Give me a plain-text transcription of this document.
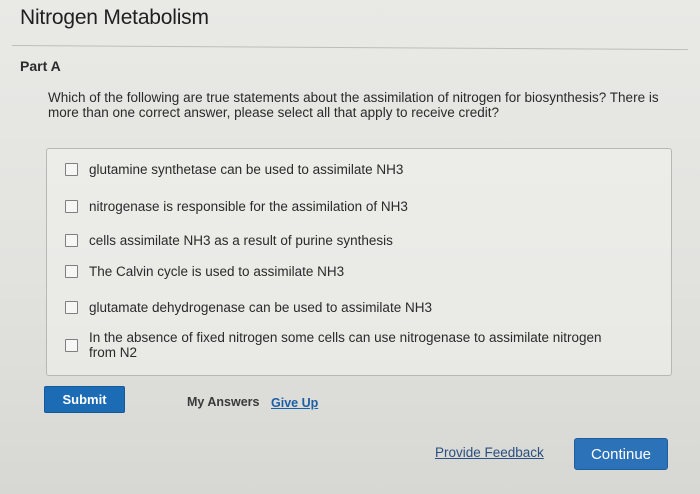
Nitrogen Metabolism
Part A
Which of the following are true statements about the assimilation of nitrogen for biosynthesis? There is more than one correct answer, please select all that apply to receive credit?
glutamine synthetase can be used to assimilate NH3
nitrogenase is responsible for the assimilation of NH3
cells assimilate NH3 as a result of purine synthesis
The Calvin cycle is used to assimilate NH3
glutamate dehydrogenase can be used to assimilate NH3
In the absence of fixed nitrogen some cells can use nitrogenase to assimilate nitrogen from N2
Submit	My Answers Give Up
Provide Feedback	Continue
